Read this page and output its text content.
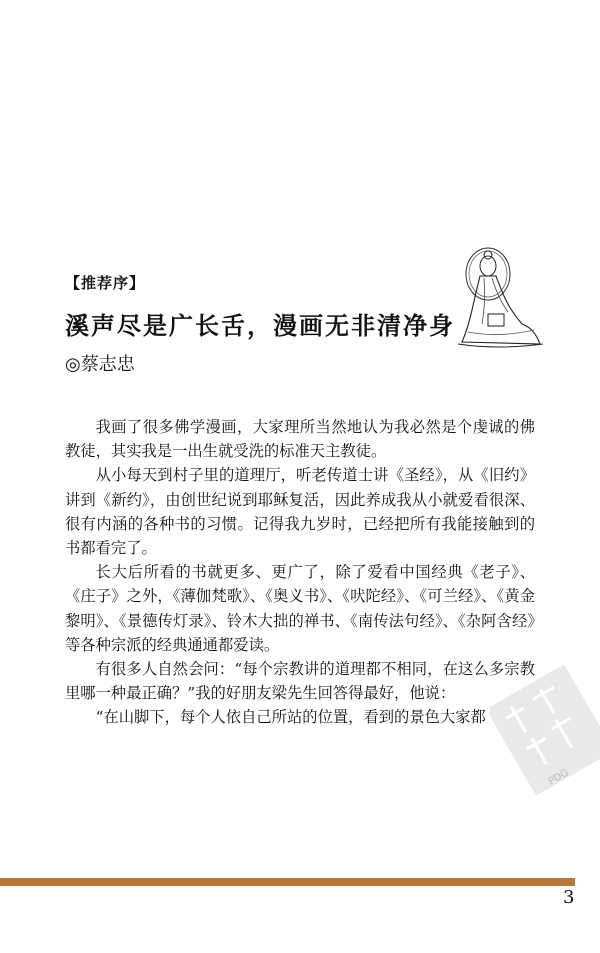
【推荐序】
溪声尽是广长舌，漫画无非清净身
◎蔡志忠

我画了很多佛学漫画，大家理所当然地认为我必然是个虔诚的佛教徒，其实我是一出生就受洗的标准天主教徒。

从小每天到村子里的道理厅，听老传道士讲《圣经》，从《旧约》讲到《新约》，由创世纪说到耶稣复活，因此养成我从小就爱看很深、很有内涵的各种书的习惯。记得我九岁时，已经把所有我能接触到的书都看完了。

长大后所看的书就更多、更广了，除了爱看中国经典《老子》、《庄子》之外，《薄伽梵歌》、《奥义书》、《吠陀经》、《可兰经》、《黄金黎明》、《景德传灯录》、铃木大拙的禅书、《南传法句经》、《杂阿含经》等各种宗派的经典通通都爱读。

有很多人自然会问：“每个宗教讲的道理都不相同，在这么多宗教里哪一种最正确？”我的好朋友梁先生回答得最好，他说：

“在山脚下，每个人依自己所站的位置，看到的景色大家都

PDG
3
